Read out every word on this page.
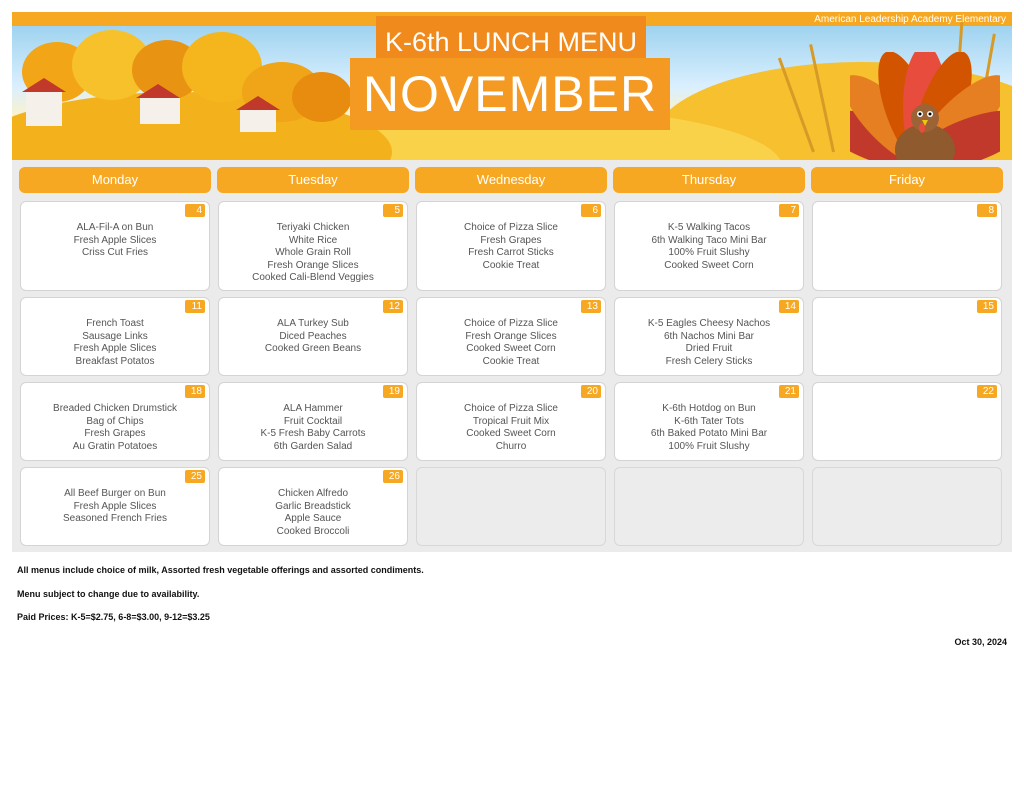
American Leadership Academy Elementary
K-6th LUNCH MENU
NOVEMBER
Monday	Tuesday	Wednesday	Thursday	Friday
4
ALA-Fil-A on Bun
Fresh Apple Slices
Criss Cut Fries
5
Teriyaki Chicken
White Rice
Whole Grain Roll
Fresh Orange Slices
Cooked Cali-Blend Veggies
6
Choice of Pizza Slice
Fresh Grapes
Fresh Carrot Sticks
Cookie Treat
7
K-5 Walking Tacos
6th Walking Taco Mini Bar
100% Fruit Slushy
Cooked Sweet Corn
8
11
French Toast
Sausage Links
Fresh Apple Slices
Breakfast Potatos
12
ALA Turkey Sub
Diced Peaches
Cooked Green Beans
13
Choice of Pizza Slice
Fresh Orange Slices
Cooked Sweet Corn
Cookie Treat
14
K-5 Eagles Cheesy Nachos
6th Nachos Mini Bar
Dried Fruit
Fresh Celery Sticks
15
18
Breaded Chicken Drumstick
Bag of Chips
Fresh Grapes
Au Gratin Potatoes
19
ALA Hammer
Fruit Cocktail
K-5 Fresh Baby Carrots
6th Garden Salad
20
Choice of Pizza Slice
Tropical Fruit Mix
Cooked Sweet Corn
Churro
21
K-6th Hotdog on Bun
K-6th Tater Tots
6th Baked Potato Mini Bar
100% Fruit Slushy
22
25
All Beef Burger on Bun
Fresh Apple Slices
Seasoned French Fries
26
Chicken Alfredo
Garlic Breadstick
Apple Sauce
Cooked Broccoli
All menus include choice of milk, Assorted fresh vegetable offerings and assorted condiments.
Menu subject to change due to availability.
Paid Prices: K-5=$2.75, 6-8=$3.00, 9-12=$3.25
Oct 30, 2024
